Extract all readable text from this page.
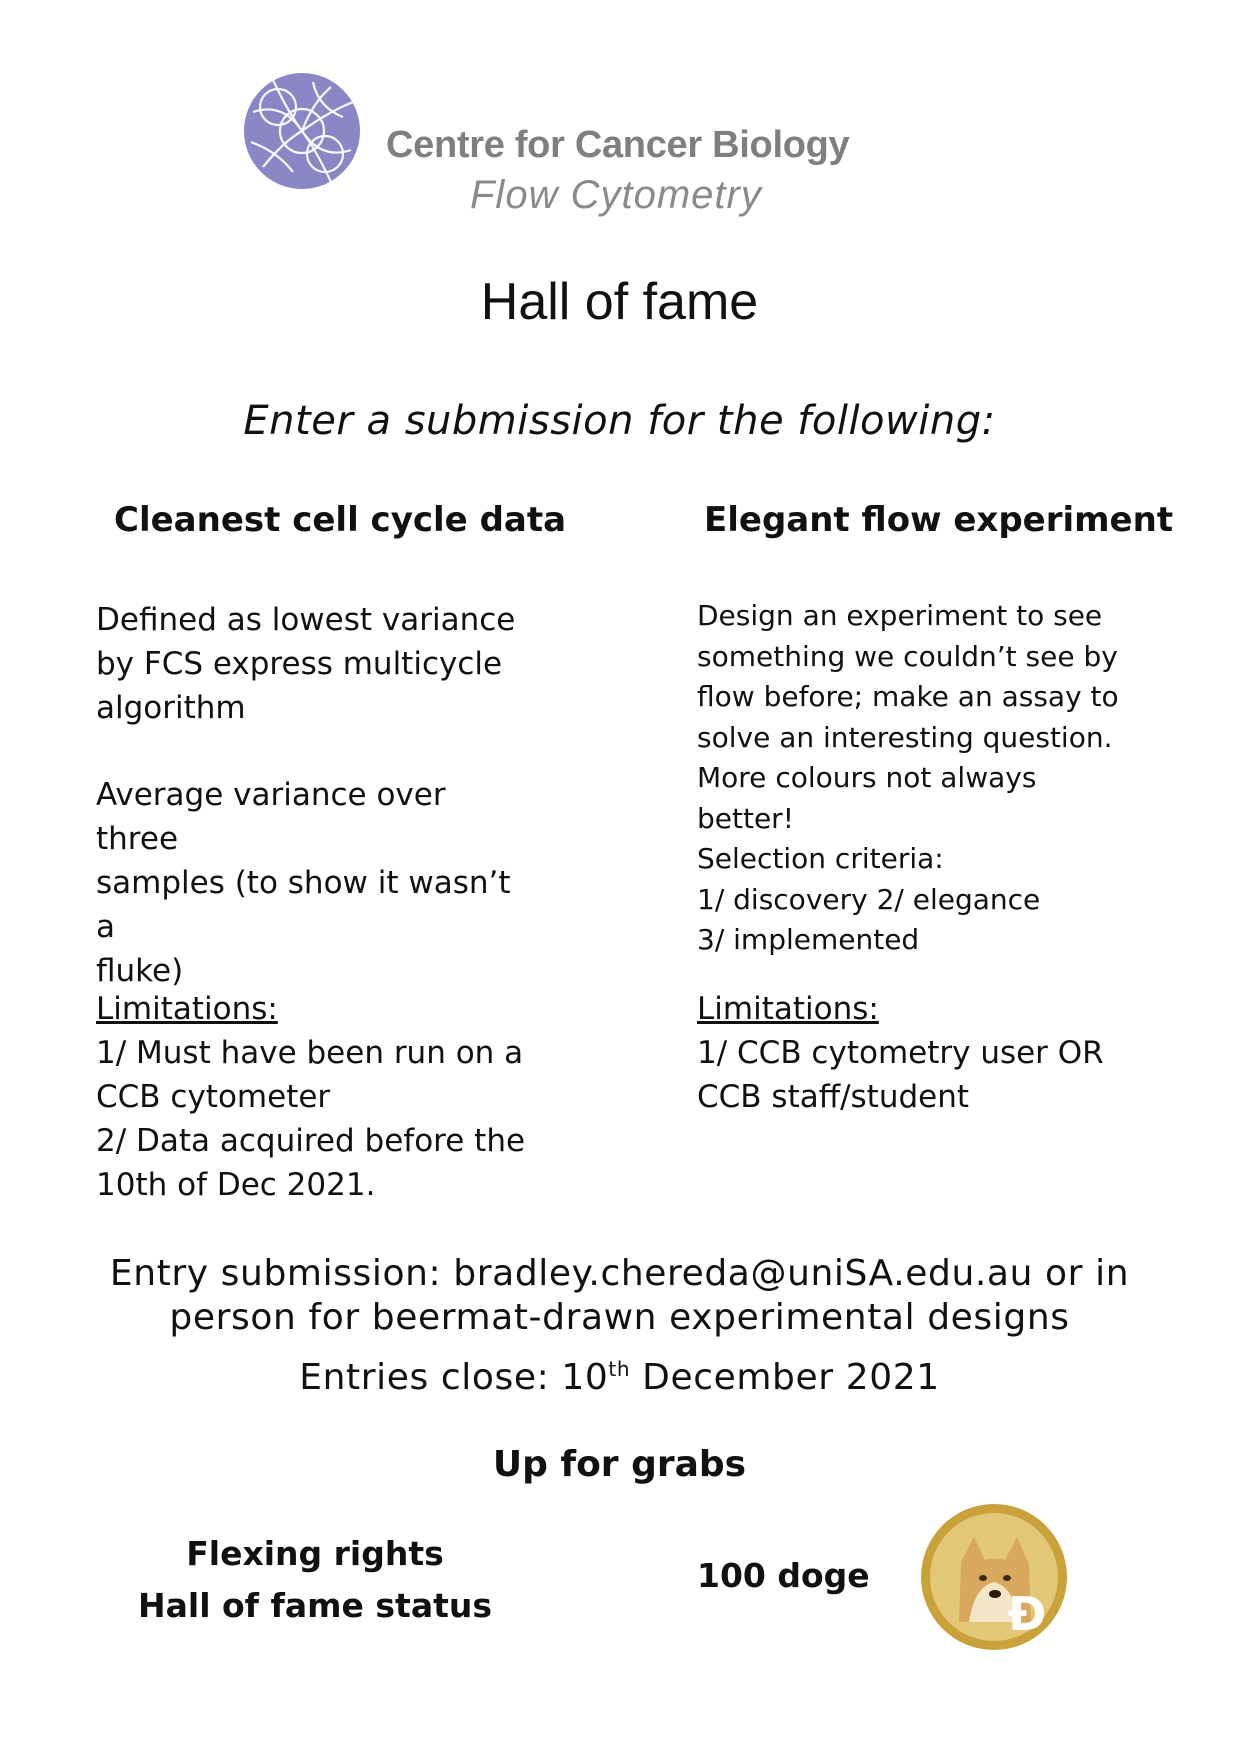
Centre for Cancer Biology
Flow Cytometry
Hall of fame
Enter a submission for the following:
Cleanest cell cycle data
Defined as lowest variance
by FCS express multicycle
algorithm
Average variance over three
samples (to show it wasn’t a
fluke)
Limitations:
1/ Must have been run on a
CCB cytometer
2/ Data acquired before the
10th of Dec 2021.
Elegant flow experiment
Design an experiment to see
something we couldn’t see by
flow before; make an assay to
solve an interesting question.
More colours not always
better!
Selection criteria:
1/ discovery 2/ elegance
3/ implemented
Limitations:
1/ CCB cytometry user OR
CCB staff/student
Entry submission: bradley.chereda@uniSA.edu.au or in
person for beermat-drawn experimental designs
Entries close: 10th December 2021
Up for grabs
Flexing rights
Hall of fame status
100 doge
Ð
